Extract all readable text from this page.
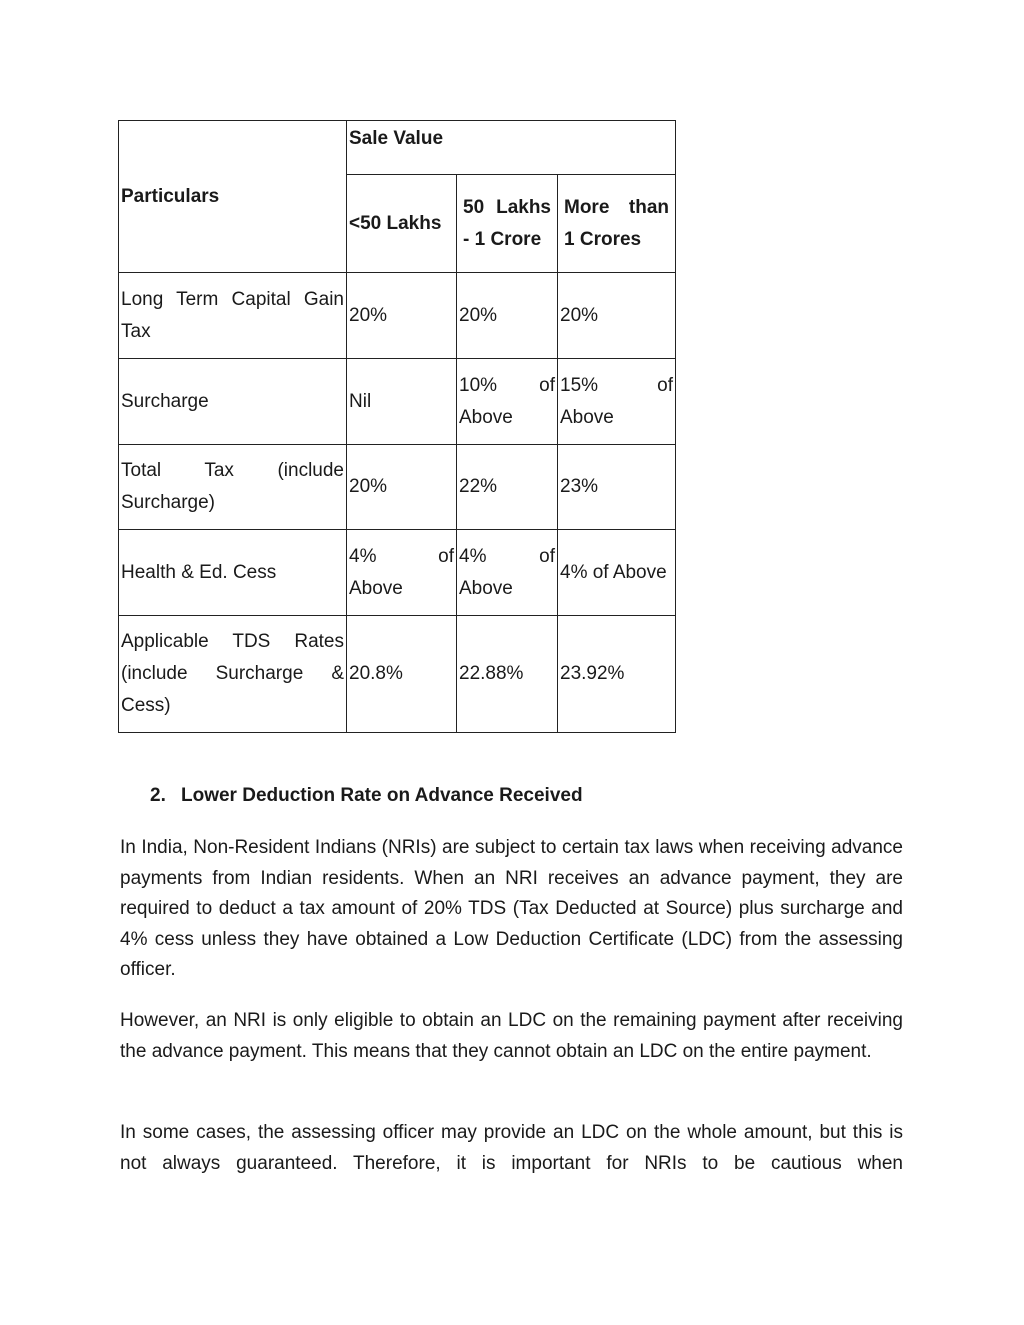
Particulars	Sale Value		
	<50 Lakhs	50 Lakhs - 1 Crore	More than 1 Crores
Long Term Capital Gain Tax	20%	20%	20%
Surcharge	Nil	10% of Above	15% of Above
Total Tax (include Surcharge)	20%	22%	23%
Health & Ed. Cess	4% of Above	4% of Above	4% of Above
Applicable TDS Rates (include Surcharge & Cess)	20.8%	22.88%	23.92%
2. Lower Deduction Rate on Advance Received

In India, Non-Resident Indians (NRIs) are subject to certain tax laws when receiving advance payments from Indian residents. When an NRI receives an advance payment, they are required to deduct a tax amount of 20% TDS (Tax Deducted at Source) plus surcharge and 4% cess unless they have obtained a Low Deduction Certificate (LDC) from the assessing officer.

However, an NRI is only eligible to obtain an LDC on the remaining payment after receiving the advance payment. This means that they cannot obtain an LDC on the entire payment.

In some cases, the assessing officer may provide an LDC on the whole amount, but this is not always guaranteed. Therefore, it is important for NRIs to be cautious when
